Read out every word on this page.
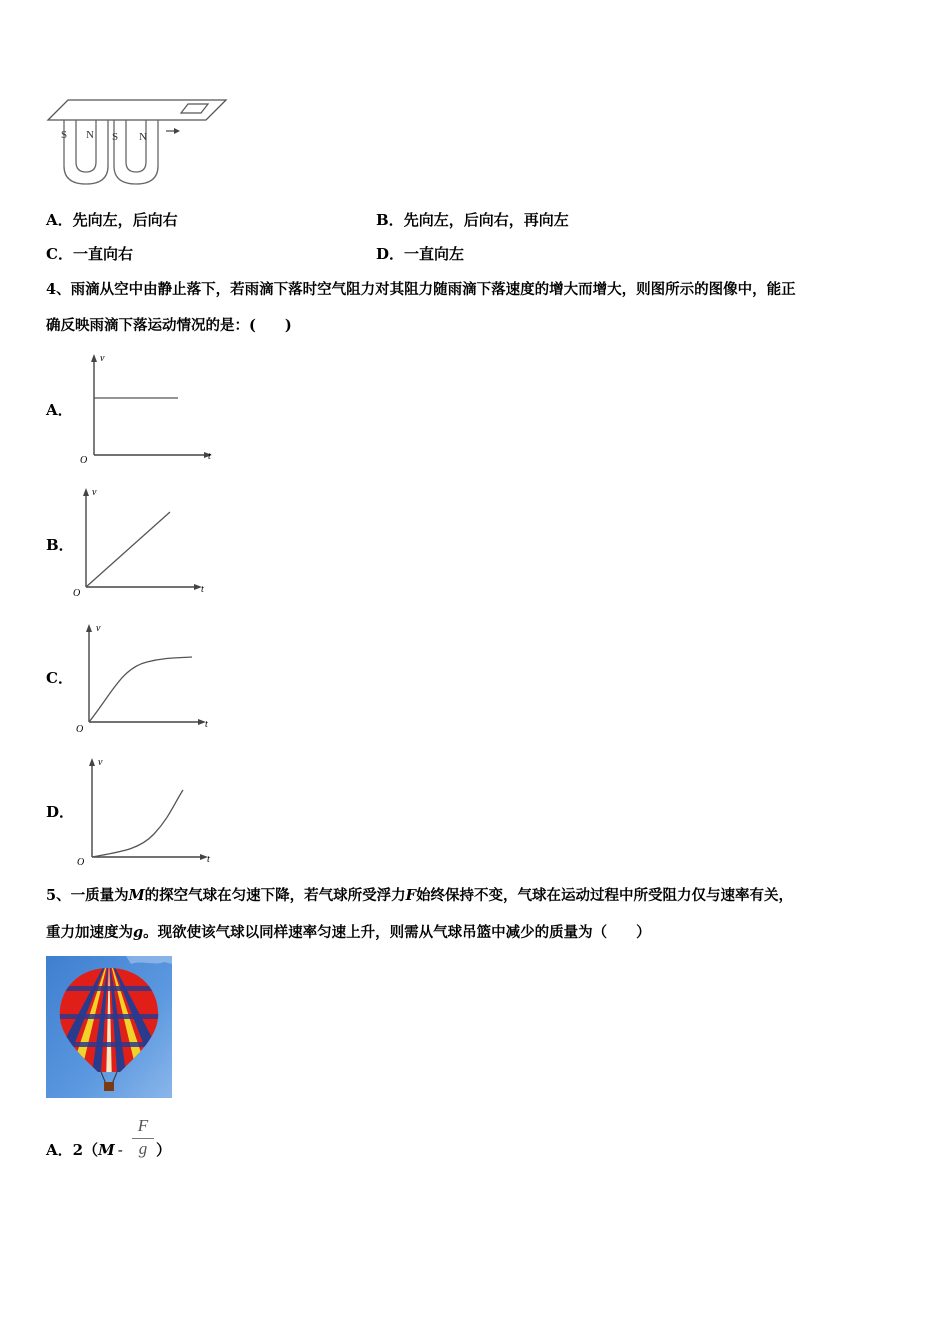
S N S N
A．先向左，后向右	B．先向左，后向右，再向左
C．一直向右	D．一直向左
4、雨滴从空中由静止落下，若雨滴下落时空气阻力对其阻力随雨滴下落速度的增大而增大，则图所示的图像中，能正
确反映雨滴下落运动情况的是：(　　)
A．
v
t
O
B．
v
t
O
C．
v
t
O
D．
v
t
O
5、一质量为M的探空气球在匀速下降，若气球所受浮力F始终保持不变，气球在运动过程中所受阻力仅与速率有关，
重力加速度为g。现欲使该气球以同样速率匀速上升，则需从气球吊篮中减少的质量为（　　）
A．$2(M - \frac{F}{g}$ ）
